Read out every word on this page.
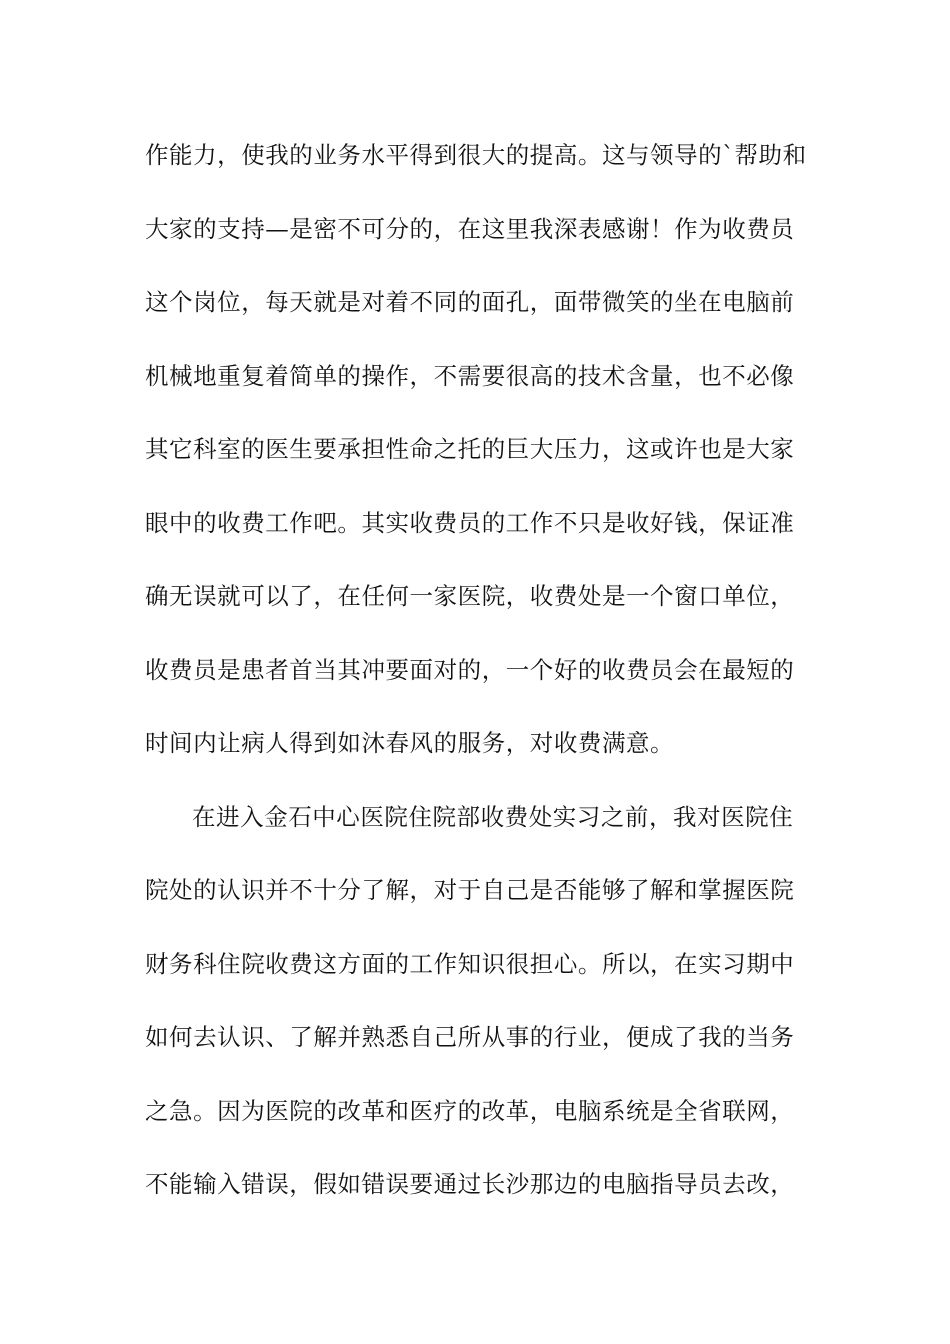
作能力，使我的业务水平得到很大的提高。这与领导的`帮助和
大家的支持—是密不可分的，在这里我深表感谢！作为收费员
这个岗位，每天就是对着不同的面孔，面带微笑的坐在电脑前
机械地重复着简单的操作，不需要很高的技术含量，也不必像
其它科室的医生要承担性命之托的巨大压力，这或许也是大家
眼中的收费工作吧。其实收费员的工作不只是收好钱，保证准
确无误就可以了，在任何一家医院，收费处是一个窗口单位，
收费员是患者首当其冲要面对的，一个好的收费员会在最短的
时间内让病人得到如沐春风的服务，对收费满意。
在进入金石中心医院住院部收费处实习之前，我对医院住
院处的认识并不十分了解，对于自己是否能够了解和掌握医院
财务科住院收费这方面的工作知识很担心。所以，在实习期中
如何去认识、了解并熟悉自己所从事的行业，便成了我的当务
之急。因为医院的改革和医疗的改革，电脑系统是全省联网，
不能输入错误，假如错误要通过长沙那边的电脑指导员去改，
